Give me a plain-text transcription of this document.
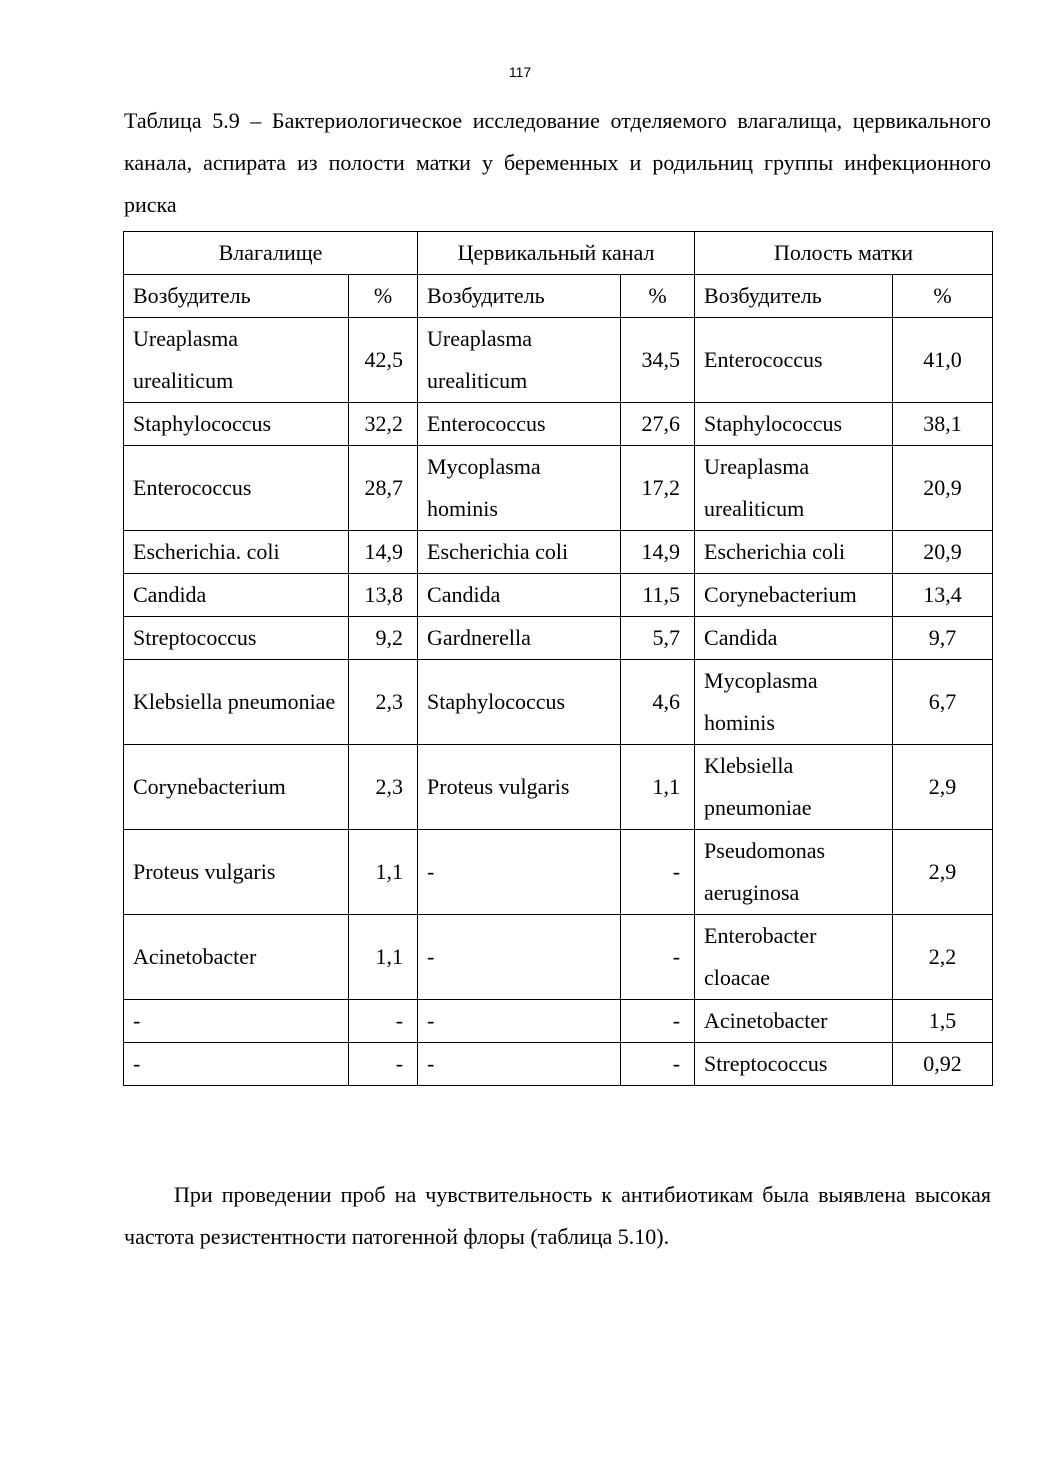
117
Таблица 5.9 – Бактериологическое исследование отделяемого влагалища, цервикального канала, аспирата из полости матки у беременных и родильниц группы инфекционного риска
Влагалище		Цервикальный канал		Полость матки	
Возбудитель	%	Возбудитель	%	Возбудитель	%
Ureaplasma urealiticum	42,5	Ureaplasma urealiticum	34,5	Enterococcus	41,0
Staphylococcus	32,2	Enterococcus	27,6	Staphylococcus	38,1
Enterococcus	28,7	Mycoplasma hominis	17,2	Ureaplasma urealiticum	20,9
Escherichia. coli	14,9	Escherichia coli	14,9	Escherichia coli	20,9
Candida	13,8	Candida	11,5	Corynebacterium	13,4
Streptococcus	9,2	Gardnerella	5,7	Candida	9,7
Klebsiella pneumoniae	2,3	Staphylococcus	4,6	Mycoplasma hominis	6,7
Corynebacterium	2,3	Proteus vulgaris	1,1	Klebsiella pneumoniae	2,9
Proteus vulgaris	1,1	-	-	Pseudomonas aeruginosa	2,9
Acinetobacter	1,1	-	-	Enterobacter cloacae	2,2
-	-	-	-	Acinetobacter	1,5
-	-	-	-	Streptococcus	0,92
При проведении проб на чувствительность к антибиотикам была выявлена высокая частота резистентности патогенной флоры (таблица 5.10).
